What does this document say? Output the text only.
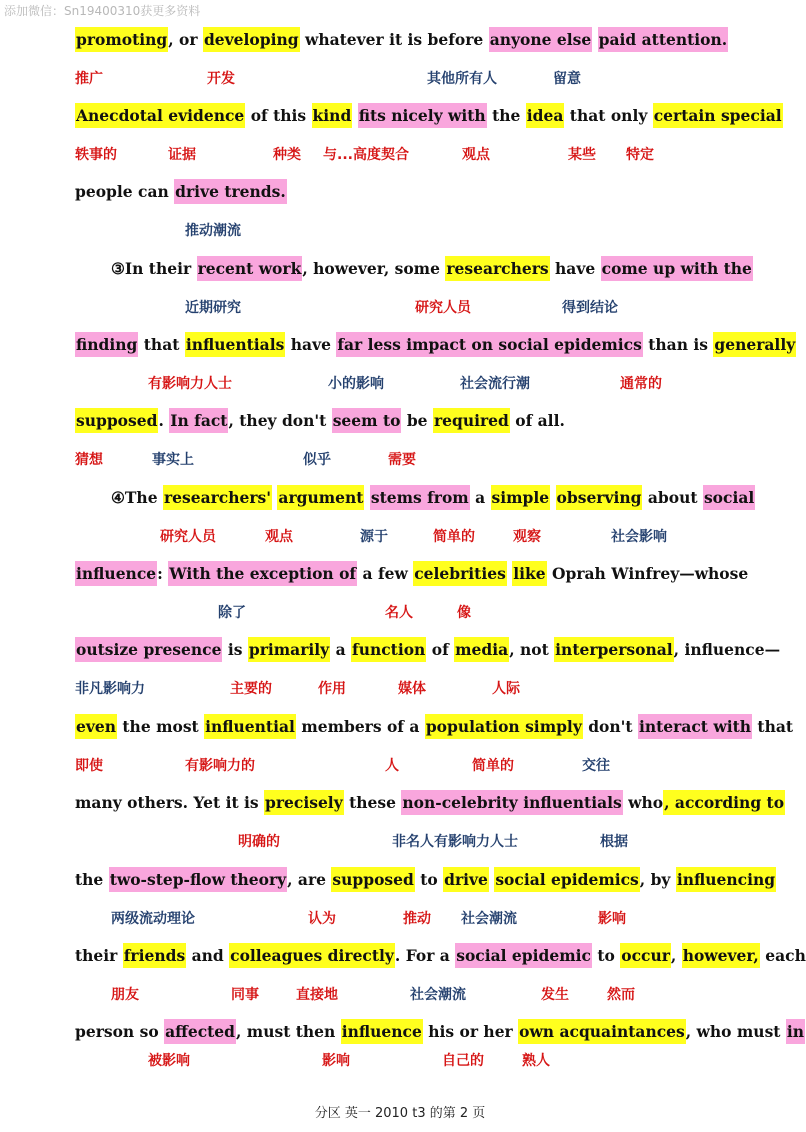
添加微信：Sn19400310获更多资料
promoting, or developing whatever it is before anyone else paid attention.
Anecdotal evidence of this kind fits nicely with the idea that only certain special
people can drive trends.
③In their recent work, however, some researchers have come up with the
finding that influentials have far less impact on social epidemics than is generally
supposed. In fact, they don't seem to be required of all.
④The researchers' argument stems from a simple observing about social
influence: With the exception of a few celebrities like Oprah Winfrey—whose
outsize presence is primarily a function of media, not interpersonal, influence—
even the most influential members of a population simply don't interact with that
many others. Yet it is precisely these non-celebrity influentials who, according to
the two-step-flow theory, are supposed to drive social epidemics, by influencing
their friends and colleagues directly. For a social epidemic to occur, however, each
person so affected, must then influence his or her own acquaintances, who must in
推广	开发	其他所有人	留意
轶事的	证据	种类 与...高度契合	观点	某些 特定
推动潮流
近期研究	研究人员	得到结论
有影响力人士	小的影响	社会流行潮	通常的
猜想	事实上	似乎	需要
研究人员	观点	源于	简单的	观察	社会影响
除了	名人	像
非凡影响力	主要的	作用	媒体	人际
即使	有影响力的	人	简单的	交往
明确的	非名人有影响力人士	根据
两级流动理论	认为	推动 社会潮流	影响
朋友	同事	直接地	社会潮流	发生	然而
被影响	影响	自己的	熟人
分区 英一 2010 t3 的第 2 页
